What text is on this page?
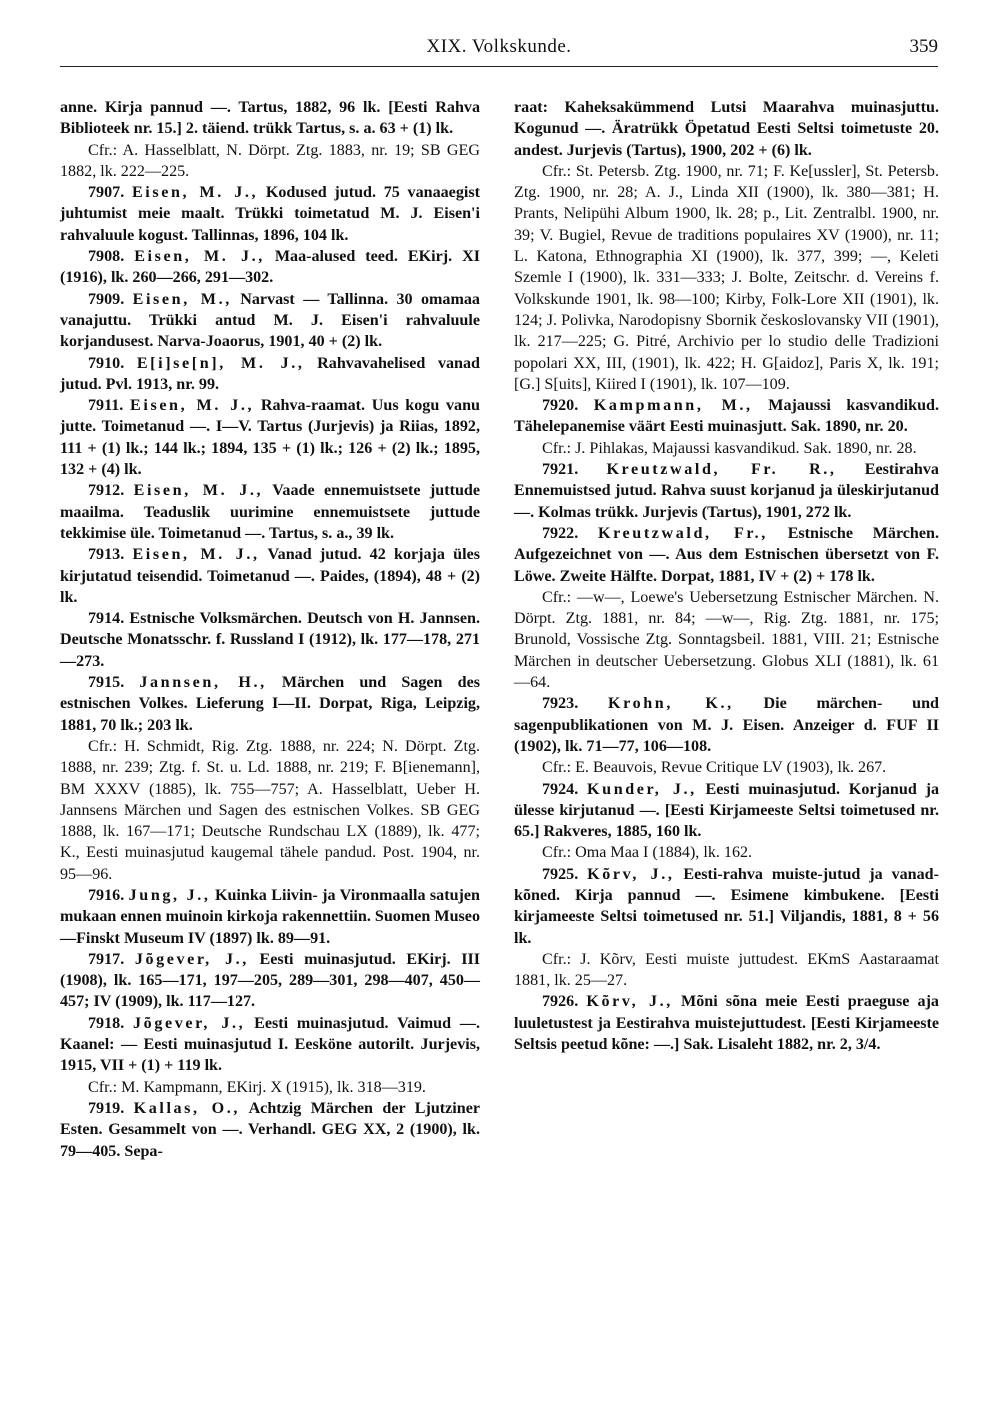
XIX. Volkskunde.	359

anne. Kirja pannud —. Tartus, 1882, 96 lk. [Eesti Rahva Biblioteek nr. 15.] 2. täiend. trükk Tartus, s. a. 63 + (1) lk.

Cfr.: A. Hasselblatt, N. Dörpt. Ztg. 1883, nr. 19; SB GEG 1882, lk. 222—225.

7907. Eisen, M. J., Kodused jutud. 75 vanaaegist juhtumist meie maalt. Trükki toimetatud M. J. Eisen'i rahvaluule kogust. Tallinnas, 1896, 104 lk.

7908. Eisen, M. J., Maa-alused teed. EKirj. XI (1916), lk. 260—266, 291—302.

7909. Eisen, M., Narvast — Tallinna. 30 omamaa vanajuttu. Trükki antud M. J. Eisen'i rahvaluule korjandusest. Narva-Joaorus, 1901, 40 + (2) lk.

7910. E[i]se[n], M. J., Rahvavahelised vanad jutud. Pvl. 1913, nr. 99.

7911. Eisen, M. J., Rahva-raamat. Uus kogu vanu jutte. Toimetanud —. I—V. Tartus (Jurjevis) ja Riias, 1892, 111 + (1) lk.; 144 lk.; 1894, 135 + (1) lk.; 126 + (2) lk.; 1895, 132 + (4) lk.

7912. Eisen, M. J., Vaade ennemuistsete juttude maailma. Teaduslik uurimine ennemuistsete juttude tekkimise üle. Toimetanud —. Tartus, s. a., 39 lk.

7913. Eisen, M. J., Vanad jutud. 42 korjaja üles kirjutatud teisendid. Toimetanud —. Paides, (1894), 48 + (2) lk.

7914. Estnische Volksmärchen. Deutsch von H. Jannsen. Deutsche Monatsschr. f. Russland I (1912), lk. 177—178, 271—273.

7915. Jannsen, H., Märchen und Sagen des estnischen Volkes. Lieferung I—II. Dorpat, Riga, Leipzig, 1881, 70 lk.; 203 lk.

Cfr.: H. Schmidt, Rig. Ztg. 1888, nr. 224; N. Dörpt. Ztg. 1888, nr. 239; Ztg. f. St. u. Ld. 1888, nr. 219; F. B[ienemann], BM XXXV (1885), lk. 755—757; A. Hasselblatt, Ueber H. Jannsens Märchen und Sagen des estnischen Volkes. SB GEG 1888, lk. 167—171; Deutsche Rundschau LX (1889), lk. 477; K., Eesti muinasjutud kaugemal tähele pandud. Post. 1904, nr. 95—96.

7916. Jung, J., Kuinka Liivin- ja Vironmaalla satujen mukaan ennen muinoin kirkoja rakennettiin. Suomen Museo—Finskt Museum IV (1897) lk. 89—91.

7917. Jõgever, J., Eesti muinasjutud. EKirj. III (1908), lk. 165—171, 197—205, 289—301, 298—407, 450—457; IV (1909), lk. 117—127.

7918. Jõgever, J., Eesti muinasjutud. Vaimud —. Kaanel: — Eesti muinasjutud I. Eesköne autorilt. Jurjevis, 1915, VII + (1) + 119 lk.

Cfr.: M. Kampmann, EKirj. X (1915), lk. 318—319.

7919. Kallas, O., Achtzig Märchen der Ljutziner Esten. Gesammelt von —. Verhandl. GEG XX, 2 (1900), lk. 79—405. Sepa-

raat: Kaheksakümmend Lutsi Maarahva muinasjuttu. Kogunud —. Äratrükk Öpetatud Eesti Seltsi toimetuste 20. andest. Jurjevis (Tartus), 1900, 202 + (6) lk.

Cfr.: St. Petersb. Ztg. 1900, nr. 71; F. Ke[ussler], St. Petersb. Ztg. 1900, nr. 28; A. J., Linda XII (1900), lk. 380—381; H. Prants, Nelipühi Album 1900, lk. 28; p., Lit. Zentralbl. 1900, nr. 39; V. Bugiel, Revue de traditions populaires XV (1900), nr. 11; L. Katona, Ethnographia XI (1900), lk. 377, 399; —, Keleti Szemle I (1900), lk. 331—333; J. Bolte, Zeitschr. d. Vereins f. Volkskunde 1901, lk. 98—100; Kirby, Folk-Lore XII (1901), lk. 124; J. Polivka, Narodopisny Sbornik českoslovansky VII (1901), lk. 217—225; G. Pitré, Archivio per lo studio delle Tradizioni popolari XX, III, (1901), lk. 422; H. G[aidoz], Paris X, lk. 191; [G.] S[uits], Kiired I (1901), lk. 107—109.

7920. Kampmann, M., Majaussi kasvandikud. Tähelepanemise väärt Eesti muinasjutt. Sak. 1890, nr. 20.

Cfr.: J. Pihlakas, Majaussi kasvandikud. Sak. 1890, nr. 28.

7921. Kreutzwald, Fr. R., Eestirahva Ennemuistsed jutud. Rahva suust korjanud ja üleskirjutanud —. Kolmas trükk. Jurjevis (Tartus), 1901, 272 lk.

7922. Kreutzwald, Fr., Estnische Märchen. Aufgezeichnet von —. Aus dem Estnischen übersetzt von F. Löwe. Zweite Hälfte. Dorpat, 1881, IV + (2) + 178 lk.

Cfr.: —w—, Loewe's Uebersetzung Estnischer Märchen. N. Dörpt. Ztg. 1881, nr. 84; —w—, Rig. Ztg. 1881, nr. 175; Brunold, Vossische Ztg. Sonntagsbeil. 1881, VIII. 21; Estnische Märchen in deutscher Uebersetzung. Globus XLI (1881), lk. 61—64.

7923. Krohn, K., Die märchen- und sagenpublikationen von M. J. Eisen. Anzeiger d. FUF II (1902), lk. 71—77, 106—108.

Cfr.: E. Beauvois, Revue Critique LV (1903), lk. 267.

7924. Kunder, J., Eesti muinasjutud. Korjanud ja ülesse kirjutanud —. [Eesti Kirjameeste Seltsi toimetused nr. 65.] Rakveres, 1885, 160 lk.

Cfr.: Oma Maa I (1884), lk. 162.

7925. Kõrv, J., Eesti-rahva muiste-jutud ja vanad-kõned. Kirja pannud —. Esimene kimbukene. [Eesti kirjameeste Seltsi toimetused nr. 51.] Viljandis, 1881, 8 + 56 lk.

Cfr.: J. Kõrv, Eesti muiste juttudest. EKmS Aastaraamat 1881, lk. 25—27.

7926. Kõrv, J., Mõni sõna meie Eesti praeguse aja luuletustest ja Eestirahva muistejuttudest. [Eesti Kirjameeste Seltsis peetud kõne: —.] Sak. Lisaleht 1882, nr. 2, 3/4.
